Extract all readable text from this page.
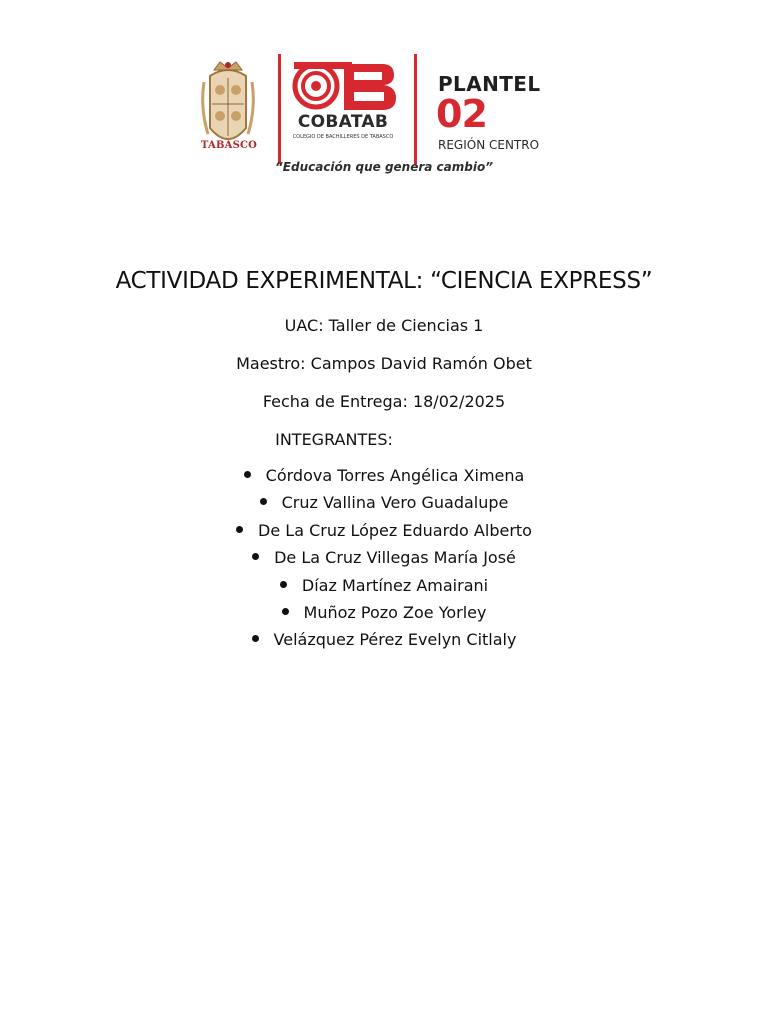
TABASCO
COBATAB
COLEGIO DE BACHILLERES DE TABASCO
PLANTEL
02
REGIÓN CENTRO
“Educación que genera cambio”
ACTIVIDAD EXPERIMENTAL: “CIENCIA EXPRESS”
UAC: Taller de Ciencias 1
Maestro: Campos David Ramón Obet
Fecha de Entrega: 18/02/2025
INTEGRANTES:
Córdova Torres Angélica Ximena
Cruz Vallina Vero Guadalupe
De La Cruz López Eduardo Alberto
De La Cruz Villegas María José
Díaz Martínez Amairani
Muñoz Pozo Zoe Yorley
Velázquez Pérez Evelyn Citlaly
